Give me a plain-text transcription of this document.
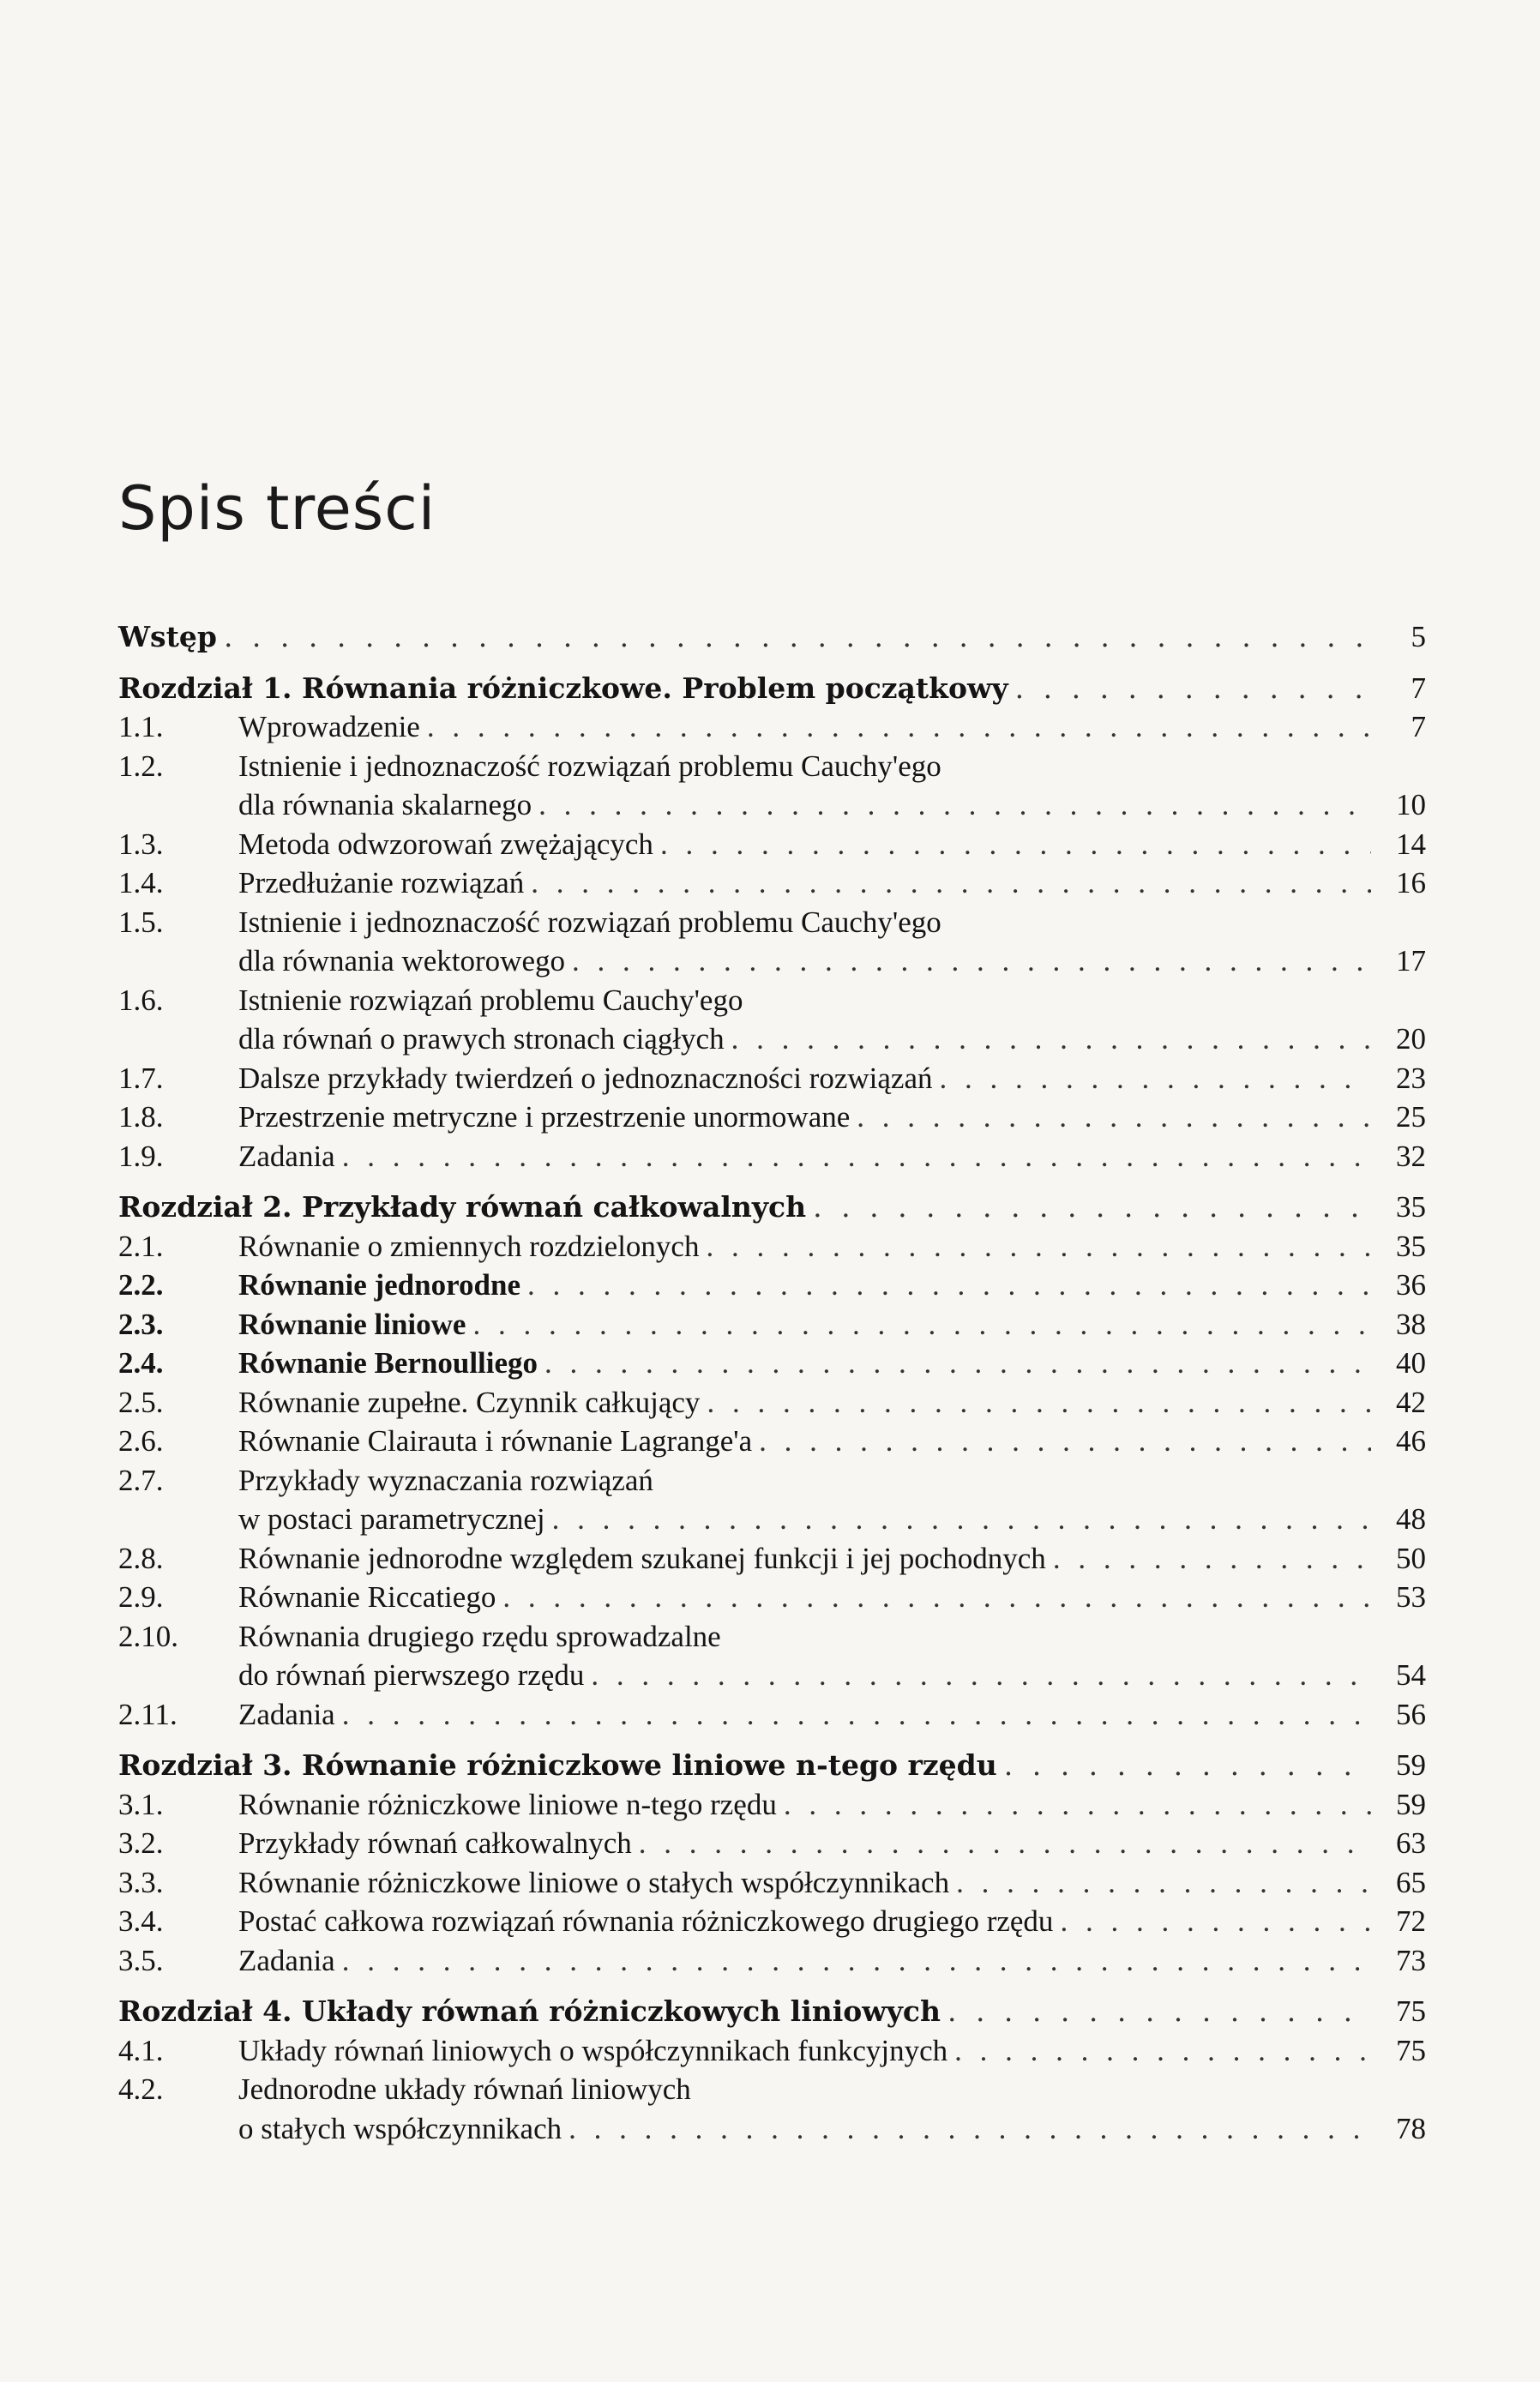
Spis treści
Wstęp . . .	5
Rozdział 1. Równania różniczkowe. Problem początkowy . . .	7
1.1.	Wprowadzenie . . .	7
1.2.	Istnienie i jednoznaczość rozwiązań problemu Cauchy'ego
dla równania skalarnego . . .	10
1.3.	Metoda odwzorowań zwężających . . .	14
1.4.	Przedłużanie rozwiązań . . .	16
1.5.	Istnienie i jednoznaczość rozwiązań problemu Cauchy'ego
dla równania wektorowego . . .	17
1.6.	Istnienie rozwiązań problemu Cauchy'ego
dla równań o prawych stronach ciągłych . . .	20
1.7.	Dalsze przykłady twierdzeń o jednoznaczności rozwiązań . . .	23
1.8.	Przestrzenie metryczne i przestrzenie unormowane . . .	25
1.9.	Zadania . . .	32
Rozdział 2. Przykłady równań całkowalnych . . .	35
2.1.	Równanie o zmiennych rozdzielonych . . .	35
2.2.	Równanie jednorodne . . .	36
2.3.	Równanie liniowe . . .	38
2.4.	Równanie Bernoulliego . . .	40
2.5.	Równanie zupełne. Czynnik całkujący . . .	42
2.6.	Równanie Clairauta i równanie Lagrange'a . . .	46
2.7.	Przykłady wyznaczania rozwiązań
w postaci parametrycznej . . .	48
2.8.	Równanie jednorodne względem szukanej funkcji i jej pochodnych . . .	50
2.9.	Równanie Riccatiego . . .	53
2.10.	Równania drugiego rzędu sprowadzalne
do równań pierwszego rzędu . . .	54
2.11.	Zadania . . .	56
Rozdział 3. Równanie różniczkowe liniowe n-tego rzędu . . .	59
3.1.	Równanie różniczkowe liniowe n-tego rzędu . . .	59
3.2.	Przykłady równań całkowalnych . . .	63
3.3.	Równanie różniczkowe liniowe o stałych współczynnikach . . .	65
3.4.	Postać całkowa rozwiązań równania różniczkowego drugiego rzędu . . .	72
3.5.	Zadania . . .	73
Rozdział 4. Układy równań różniczkowych liniowych . . .	75
4.1.	Układy równań liniowych o współczynnikach funkcyjnych . . .	75
4.2.	Jednorodne układy równań liniowych
o stałych współczynnikach . . .	78
